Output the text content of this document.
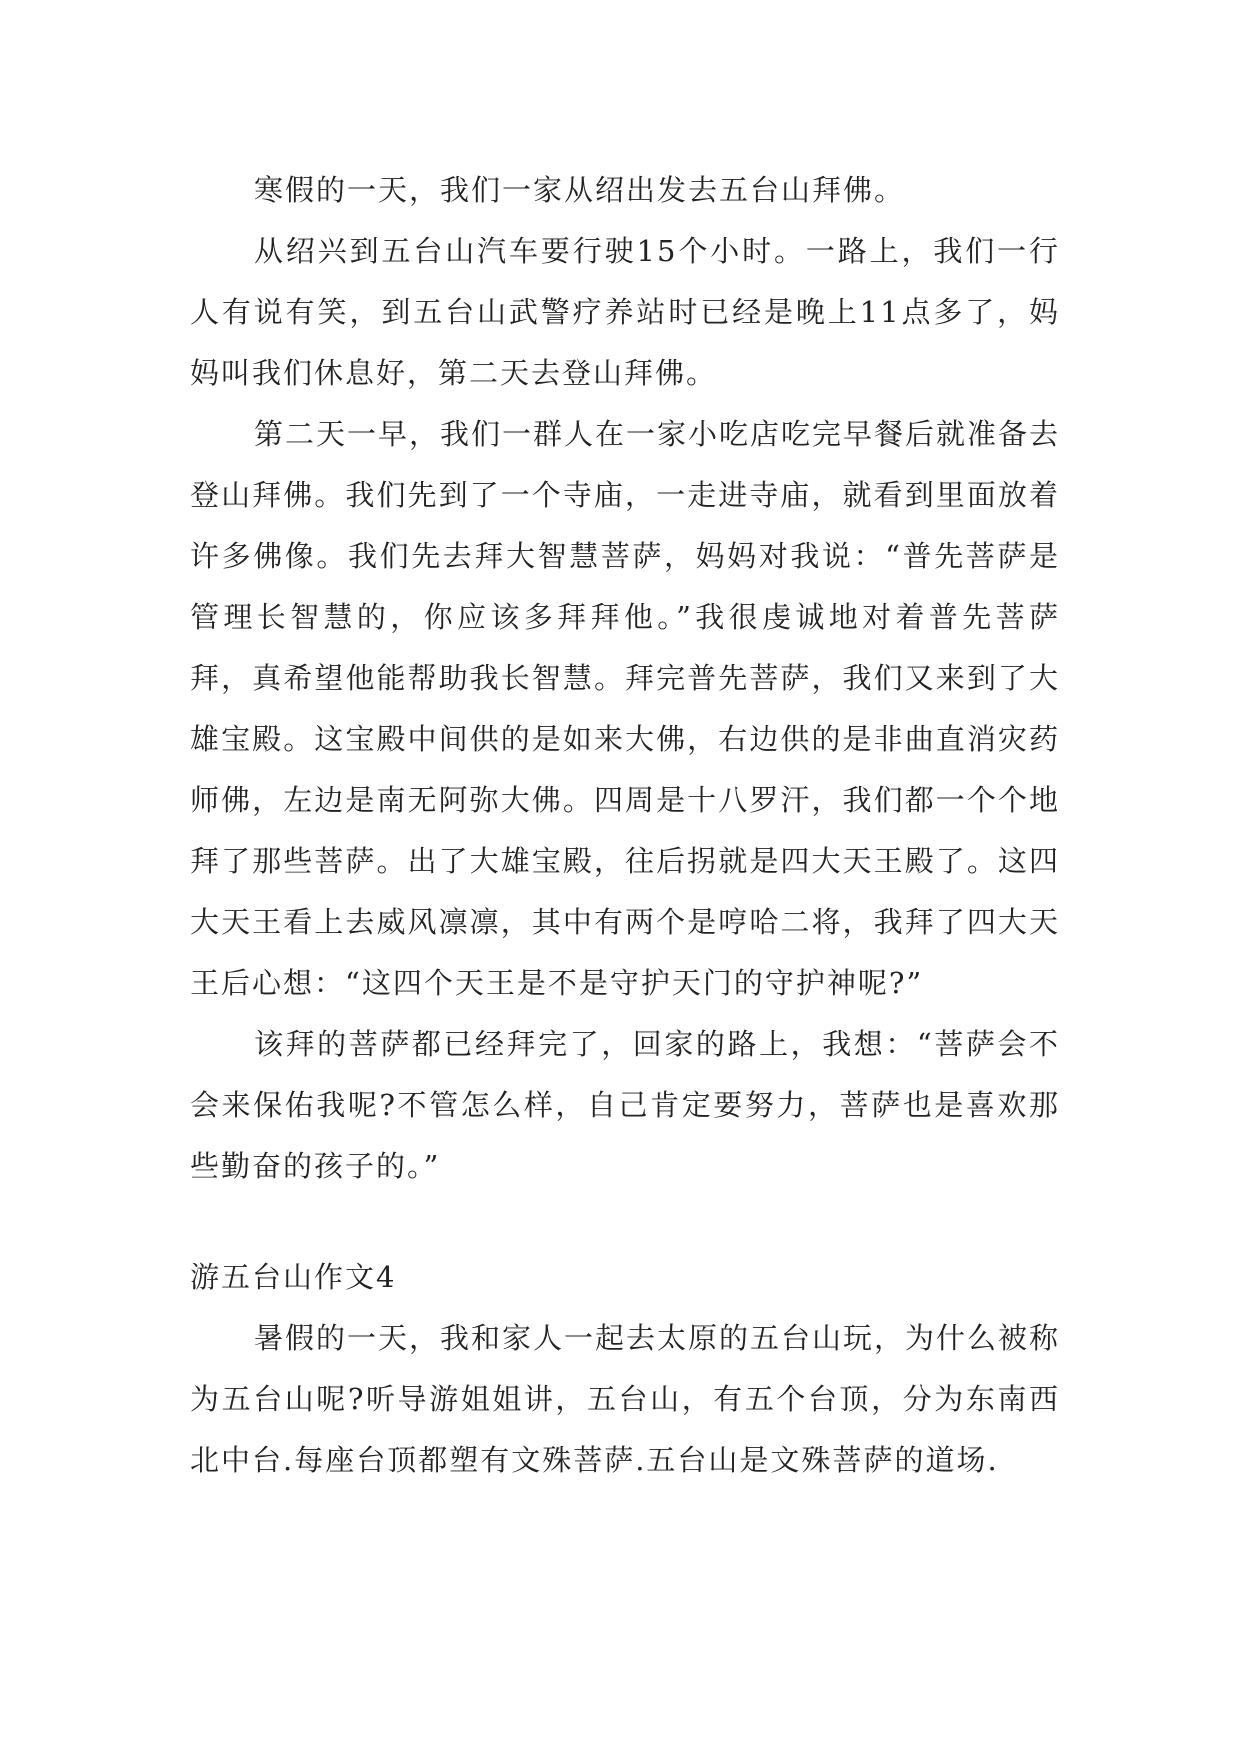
寒假的一天，我们一家从绍出发去五台山拜佛。

从绍兴到五台山汽车要行驶15个小时。一路上，我们一行人有说有笑，到五台山武警疗养站时已经是晚上11点多了，妈妈叫我们休息好，第二天去登山拜佛。

第二天一早，我们一群人在一家小吃店吃完早餐后就准备去登山拜佛。我们先到了一个寺庙，一走进寺庙，就看到里面放着许多佛像。我们先去拜大智慧菩萨，妈妈对我说：“普先菩萨是管理长智慧的，你应该多拜拜他。”我很虔诚地对着普先菩萨拜，真希望他能帮助我长智慧。拜完普先菩萨，我们又来到了大雄宝殿。这宝殿中间供的是如来大佛，右边供的是非曲直消灾药师佛，左边是南无阿弥大佛。四周是十八罗汗，我们都一个个地拜了那些菩萨。出了大雄宝殿，往后拐就是四大天王殿了。这四大天王看上去威风凛凛，其中有两个是哼哈二将，我拜了四大天王后心想：“这四个天王是不是守护天门的守护神呢?”

该拜的菩萨都已经拜完了，回家的路上，我想：“菩萨会不会来保佑我呢?不管怎么样，自己肯定要努力，菩萨也是喜欢那些勤奋的孩子的。”

游五台山作文4

暑假的一天，我和家人一起去太原的五台山玩，为什么被称为五台山呢?听导游姐姐讲，五台山，有五个台顶，分为东南西北中台.每座台顶都塑有文殊菩萨.五台山是文殊菩萨的道场.
